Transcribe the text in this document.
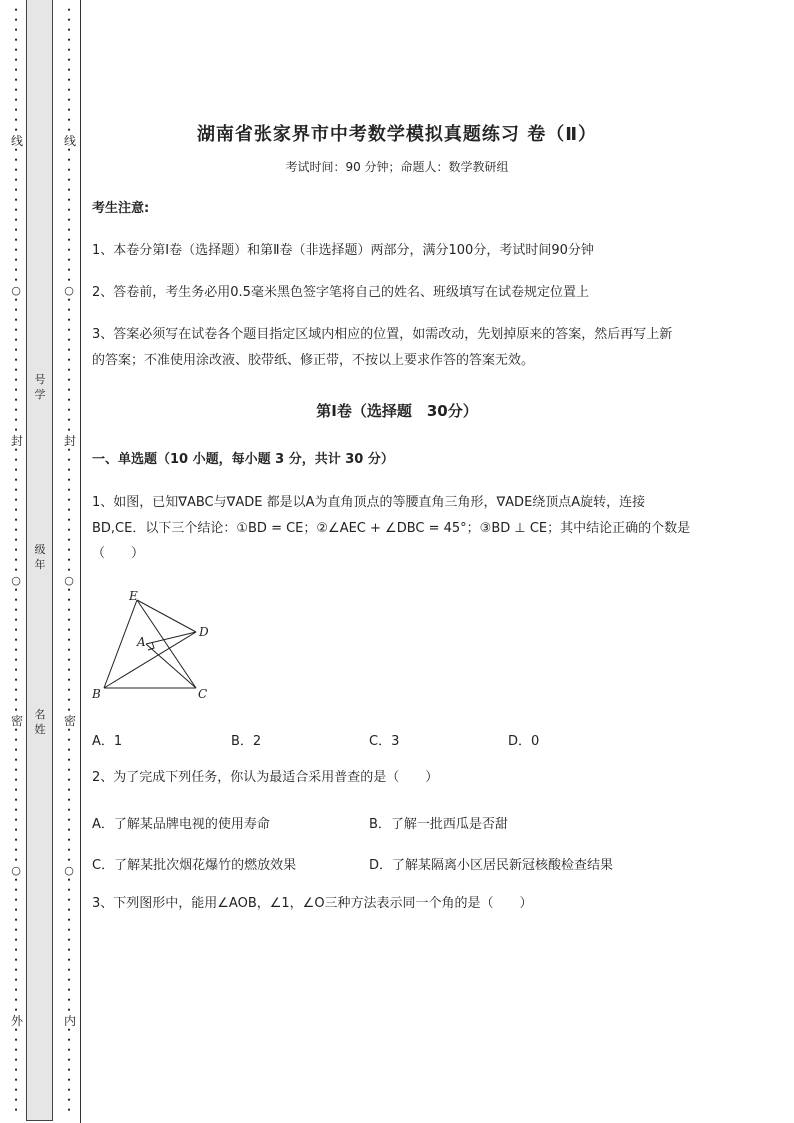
•
•
•
•
•
•
•
•
•
•
•
•
•
线
•
•
•
•
•
•
•
•
•
•
•
•
•
•
○
•
•
•
•
•
•
•
•
•
•
•
•
•
•
封
•
•
•
•
•
•
•
•
•
•
•
•
•
○
•
•
•
•
•
•
•
•
•
•
•
•
•
密
•
•
•
•
•
•
•
•
•
•
•
•
•
•
○
•
•
•
•
•
•
•
•
•
•
•
•
•
•
外
•
•
•
•
•
•
•
•
•
•
•
•
•
•
•
•
•
•
•
•
•
•
线
•
•
•
•
•
•
•
•
•
•
•
•
•
•
○
•
•
•
•
•
•
•
•
•
•
•
•
•
•
封
•
•
•
•
•
•
•
•
•
•
•
•
•
○
•
•
•
•
•
•
•
•
•
•
•
•
•
密
•
•
•
•
•
•
•
•
•
•
•
•
•
•
○
•
•
•
•
•
•
•
•
•
•
•
•
•
•
内
•
•
•
•
•
•
•
•
•
号学
级年
名姓
湖南省张家界市中考数学模拟真题练习 卷（Ⅱ）
考试时间：90 分钟；命题人：数学教研组
考生注意:
1、本卷分第Ⅰ卷（选择题）和第Ⅱ卷（非选择题）两部分，满分100分，考试时间90分钟
2、答卷前，考生务必用0.5毫米黑色签字笔将自己的姓名、班级填写在试卷规定位置上
3、答案必须写在试卷各个题目指定区域内相应的位置，如需改动，先划掉原来的答案，然后再写上新
的答案；不准使用涂改液、胶带纸、修正带，不按以上要求作答的答案无效。
第Ⅰ卷（选择题　30分）
一、单选题（10 小题，每小题 3 分，共计 30 分）
1、如图，已知∇ABC与∇ADE 都是以A为直角顶点的等腰直角三角形，∇ADE绕顶点A旋转，连接
BD,CE．以下三个结论：①BD = CE；②∠AEC + ∠DBC = 45°；③BD ⊥ CE；其中结论正确的个数是
（　　）
A．1	B．2	C．3	D．0
2、为了完成下列任务，你认为最适合采用普查的是（　　）
A．了解某品牌电视的使用寿命	B．了解一批西瓜是否甜
C．了解某批次烟花爆竹的燃放效果	D．了解某隔离小区居民新冠核酸检查结果
3、下列图形中，能用∠AOB，∠1，∠O三种方法表示同一个角的是（　　）
E
A
D
B	C
